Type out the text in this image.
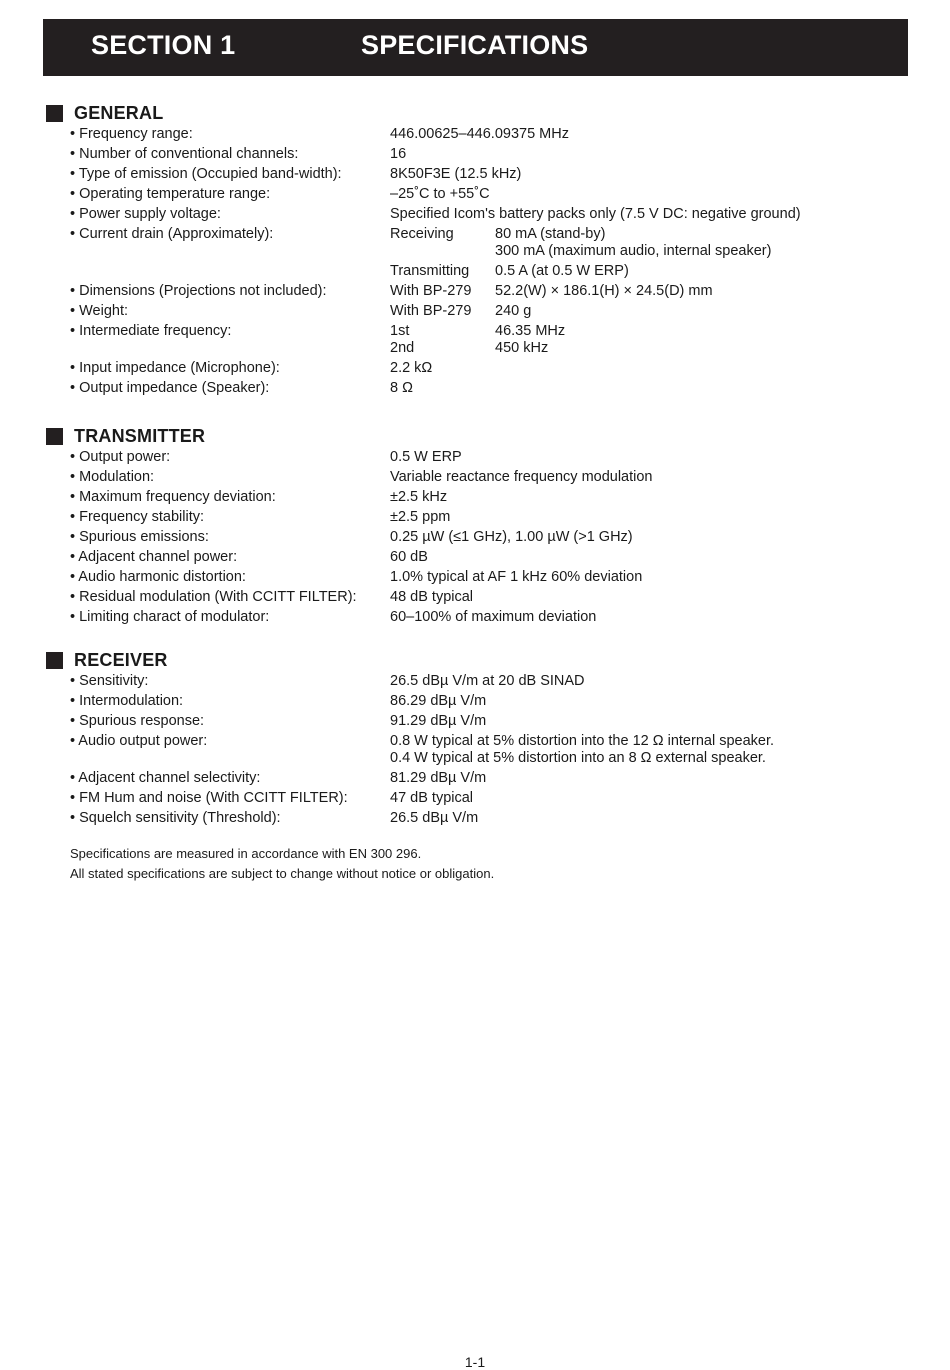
SECTION 1	SPECIFICATIONS
GENERAL
• Frequency range:	446.00625–446.09375 MHz
• Number of conventional channels:	16
• Type of emission (Occupied band-width):	8K50F3E (12.5 kHz)
• Operating temperature range:	–25˚C to +55˚C
• Power supply voltage:	Specified Icom's battery packs only (7.5 V DC: negative ground)
• Current drain (Approximately):	Receiving	80 mA (stand-by)
300 mA (maximum audio, internal speaker)
Transmitting	0.5 A (at 0.5 W ERP)
• Dimensions (Projections not included):	With BP-279	52.2(W) × 186.1(H) × 24.5(D) mm
• Weight:	With BP-279	240 g
• Intermediate frequency:	1st	46.35 MHz
2nd	450 kHz
• Input impedance (Microphone):	2.2 kΩ
• Output impedance (Speaker):	8 Ω
TRANSMITTER
• Output power:	0.5 W ERP
• Modulation:	Variable reactance frequency modulation
• Maximum frequency deviation:	±2.5 kHz
• Frequency stability:	±2.5 ppm
• Spurious emissions:	0.25 µW (≤1 GHz), 1.00 µW (>1 GHz)
• Adjacent channel power:	60 dB
• Audio harmonic distortion:	1.0% typical at AF 1 kHz 60% deviation
• Residual modulation (With CCITT FILTER): 48 dB typical
• Limiting charact of modulator:	60–100% of maximum deviation
RECEIVER
• Sensitivity:	26.5 dBµ V/m at 20 dB SINAD
• Intermodulation:	86.29 dBµ V/m
• Spurious response:	91.29 dBµ V/m
• Audio output power:	0.8 W typical at 5% distortion into the 12 Ω internal speaker.
0.4 W typical at 5% distortion into an 8 Ω external speaker.
• Adjacent channel selectivity:	81.29 dBµ V/m
• FM Hum and noise (With CCITT FILTER):	47 dB typical
• Squelch sensitivity (Threshold):	26.5 dBµ V/m
Specifications are measured in accordance with EN 300 296.
All stated specifications are subject to change without notice or obligation.
1-1
